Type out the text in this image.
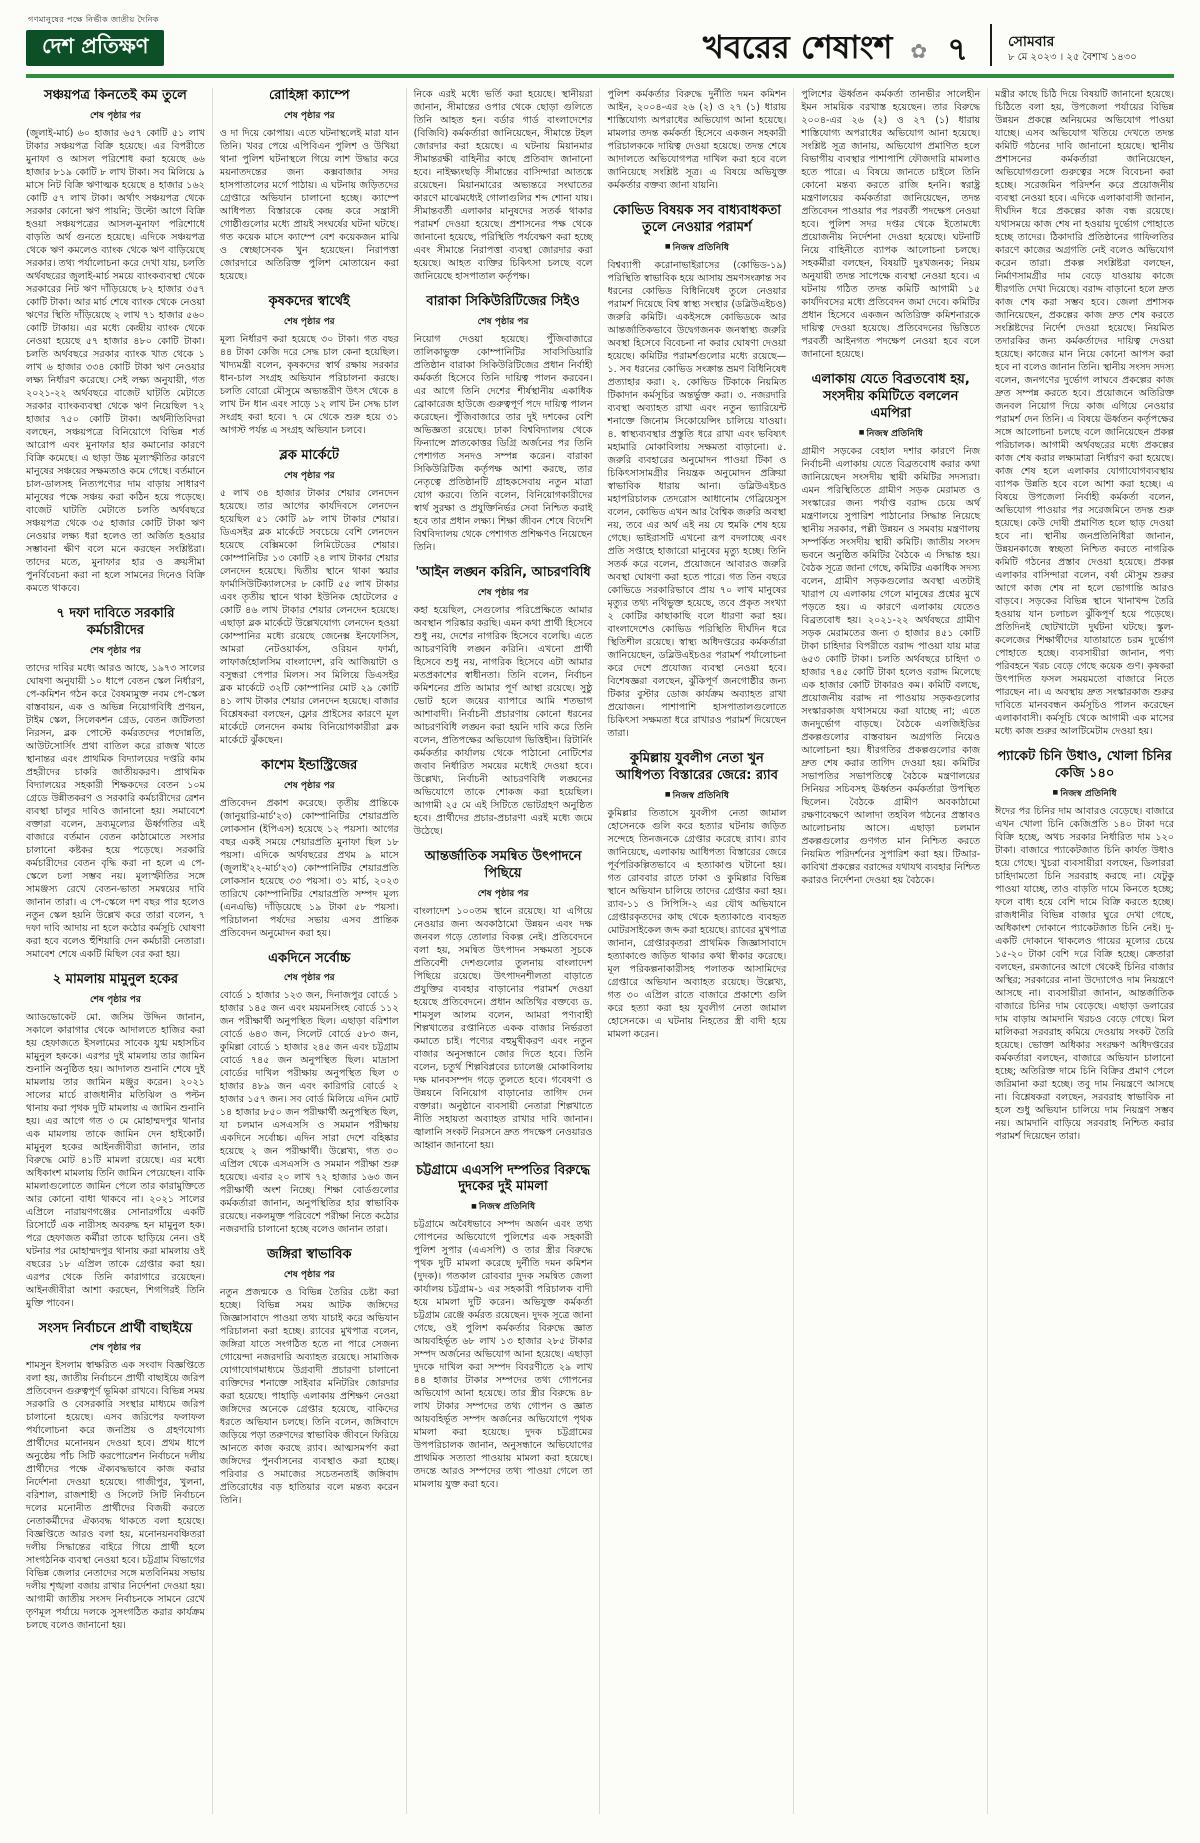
গণমানুষের পক্ষে নির্ভীক জাতীয় দৈনিক
দেশ প্রতিক্ষণ	খবরের শেষাংশ ✿ ৭	সোমবার
৮ মে ২০২৩ । ২৫ বৈশাখ ১৪৩০
সঞ্চয়পত্র কিনতেই কম তুলে
শেষ পৃষ্ঠার পর
(জুলাই-মার্চ) ৬০ হাজার ৬৫৭ কোটি ৫১ লাখ টাকার সঞ্চয়পত্র বিক্রি হয়েছে। এর বিপরীতে মুনাফা ও আসল পরিশোধ করা হয়েছে ৬৬ হাজার ৮১৯ কোটি ৮ লাখ টাকা। সব মিলিয়ে ৯ মাসে নিট বিক্রি ঋণাত্মক হয়েছে ৪ হাজার ১৬২ কোটি ৫৭ লাখ টাকা। অর্থাৎ সঞ্চয়পত্র থেকে সরকার কোনো ঋণ পায়নি; উল্টো আগে বিক্রি হওয়া সঞ্চয়পত্রের আসল-মুনাফা পরিশোধে বাড়তি অর্থ গুনতে হয়েছে। এদিকে সঞ্চয়পত্র থেকে ঋণ কমলেও ব্যাংক থেকে ঋণ বাড়িয়েছে সরকার। তথ্য পর্যালোচনা করে দেখা যায়, চলতি অর্থবছরের জুলাই-মার্চ সময়ে ব্যাংকব্যবস্থা থেকে সরকারের নিট ঋণ দাঁড়িয়েছে ৮২ হাজার ৩৫৭ কোটি টাকা। আর মার্চ শেষে ব্যাংক থেকে নেওয়া ঋণের স্থিতি দাঁড়িয়েছে ২ লাখ ৭১ হাজার ৫৬০ কোটি টাকায়। এর মধ্যে কেন্দ্রীয় ব্যাংক থেকে নেওয়া হয়েছে ৫৭ হাজার ৪৮০ কোটি টাকা। চলতি অর্থবছরে সরকার ব্যাংক খাত থেকে ১ লাখ ৬ হাজার ৩৩৪ কোটি টাকা ঋণ নেওয়ার লক্ষ্য নির্ধারণ করেছে। সেই লক্ষ্য অনুযায়ী, গত ২০২১-২২ অর্থবছরে বাজেট ঘাটতি মেটাতে সরকার ব্যাংকব্যবস্থা থেকে ঋণ নিয়েছিল ৭২ হাজার ৭৫০ কোটি টাকা। অর্থনীতিবিদরা বলছেন, সঞ্চয়পত্রে বিনিয়োগে বিভিন্ন শর্ত আরোপ এবং মুনাফার হার কমানোর কারণে বিক্রি কমেছে। এ ছাড়া উচ্চ মূল্যস্ফীতির কারণে মানুষের সঞ্চয়ের সক্ষমতাও কমে গেছে। বর্তমানে চাল-ডালসহ নিত্যপণ্যের দাম বাড়ায় সাধারণ মানুষের পক্ষে সঞ্চয় করা কঠিন হয়ে পড়েছে। বাজেট ঘাটতি মেটাতে চলতি অর্থবছরে সঞ্চয়পত্র থেকে ৩৫ হাজার কোটি টাকা ঋণ নেওয়ার লক্ষ্য ধরা হলেও তা অর্জিত হওয়ার সম্ভাবনা ক্ষীণ বলে মনে করছেন সংশ্লিষ্টরা। তাদের মতে, মুনাফার হার ও ক্রয়সীমা পুনর্বিবেচনা করা না হলে সামনের দিনেও বিক্রি কমতে থাকবে।
৭ দফা দাবিতে সরকারি কর্মচারীদের
শেষ পৃষ্ঠার পর
তাদের দাবির মধ্যে আরও আছে, ১৯৭৩ সালের ঘোষণা অনুযায়ী ১০ ধাপে বেতন স্কেল নির্ধারণ, পে-কমিশন গঠন করে বৈষম্যমুক্ত নবম পে-স্কেল বাস্তবায়ন, এক ও অভিন্ন নিয়োগবিধি প্রণয়ন, টাইম স্কেল, সিলেকশন গ্রেড, বেতন জটিলতা নিরসন, ব্লক পোস্টে কর্মরতদের পদোন্নতি, আউটসোর্সিং প্রথা বাতিল করে রাজস্ব খাতে স্থানান্তর এবং প্রাথমিক বিদ্যালয়ের দপ্তরি কাম প্রহরীদের চাকরি জাতীয়করণ। প্রাথমিক বিদ্যালয়ের সহকারী শিক্ষকদের বেতন ১০ম গ্রেডে উন্নীতকরণ ও সরকারি কর্মচারীদের রেশন ব্যবস্থা চালুর দাবিও জানানো হয়। সমাবেশে বক্তারা বলেন, দ্রব্যমূল্যের ঊর্ধ্বগতির এই বাজারে বর্তমান বেতন কাঠামোতে সংসার চালানো কষ্টকর হয়ে পড়েছে। সরকারি কর্মচারীদের বেতন বৃদ্ধি করা না হলে এ পে-স্কেলে চলা সম্ভব নয়। মূল্যস্ফীতির সঙ্গে সামঞ্জস্য রেখে বেতন-ভাতা সমন্বয়ের দাবি জানান তারা। এ পে-স্কেলে দশ বছর পার হলেও নতুন স্কেল হয়নি উল্লেখ করে তারা বলেন, ৭ দফা দাবি আদায় না হলে কঠোর কর্মসূচি ঘোষণা করা হবে বলেও হুঁশিয়ারি দেন কর্মচারী নেতারা। সমাবেশ শেষে একটি মিছিল বের করা হয়।
২ মামলায় মামুনুল হকের
শেষ পৃষ্ঠার পর
অ্যাডভোকেট মো. জসিম উদ্দিন জানান, সকালে কারাগার থেকে আদালতে হাজির করা হয় হেফাজতে ইসলামের সাবেক যুগ্ম মহাসচিব মামুনুল হককে। এরপর দুই মামলায় তার জামিন শুনানি অনুষ্ঠিত হয়। আদালত শুনানি শেষে দুই মামলায় তার জামিন মঞ্জুর করেন। ২০২১ সালের মার্চে রাজধানীর মতিঝিল ও পল্টন থানায় করা পৃথক দুটি মামলায় এ জামিন শুনানি হয়। এর আগে গত ৩ মে মোহাম্মদপুর থানার এক মামলায় তাকে জামিন দেন হাইকোর্ট। মামুনুল হকের আইনজীবীরা জানান, তার বিরুদ্ধে মোট ৪১টি মামলা রয়েছে। এর মধ্যে অধিকাংশ মামলায় তিনি জামিন পেয়েছেন। বাকি মামলাগুলোতে জামিন পেলে তার কারামুক্তিতে আর কোনো বাধা থাকবে না। ২০২১ সালের এপ্রিলে নারায়ণগঞ্জের সোনারগাঁয়ে একটি রিসোর্টে এক নারীসহ অবরুদ্ধ হন মামুনুল হক। পরে হেফাজত কর্মীরা তাকে ছাড়িয়ে নেন। ওই ঘটনার পর মোহাম্মদপুর থানায় করা মামলায় ওই বছরের ১৮ এপ্রিল তাকে গ্রেপ্তার করা হয়। এরপর থেকে তিনি কারাগারে রয়েছেন। আইনজীবীরা আশা করছেন, শিগগিরই তিনি মুক্তি পাবেন।
সংসদ নির্বাচনে প্রার্থী বাছাইয়ে
শেষ পৃষ্ঠার পর
শামসুন ইসলাম স্বাক্ষরিত এক সংবাদ বিজ্ঞপ্তিতে বলা হয়, জাতীয় নির্বাচনে প্রার্থী বাছাইয়ে জরিপ প্রতিবেদন গুরুত্বপূর্ণ ভূমিকা রাখবে। বিভিন্ন সময় সরকারি ও বেসরকারি সংস্থার মাধ্যমে জরিপ চালানো হয়েছে। এসব জরিপের ফলাফল পর্যালোচনা করে জনপ্রিয় ও গ্রহণযোগ্য প্রার্থীদের মনোনয়ন দেওয়া হবে। প্রথম ধাপে অনুষ্ঠেয় পাঁচ সিটি করপোরেশন নির্বাচনে দলীয় প্রার্থীদের পক্ষে ঐক্যবদ্ধভাবে কাজ করার নির্দেশনা দেওয়া হয়েছে। গাজীপুর, খুলনা, বরিশাল, রাজশাহী ও সিলেট সিটি নির্বাচনে দলের মনোনীত প্রার্থীদের বিজয়ী করতে নেতাকর্মীদের ঐক্যবদ্ধ থাকতে বলা হয়েছে। বিজ্ঞপ্তিতে আরও বলা হয়, মনোনয়নবঞ্চিতরা দলীয় সিদ্ধান্তের বাইরে গিয়ে প্রার্থী হলে সাংগঠনিক ব্যবস্থা নেওয়া হবে। চট্টগ্রাম বিভাগের বিভিন্ন জেলার নেতাদের সঙ্গে মতবিনিময় সভায় দলীয় শৃঙ্খলা বজায় রাখার নির্দেশনা দেওয়া হয়। আগামী জাতীয় সংসদ নির্বাচনকে সামনে রেখে তৃণমূল পর্যায়ে দলকে সুসংগঠিত করার কার্যক্রম চলছে বলেও জানানো হয়।
রোহিঙ্গা ক্যাম্পে
শেষ পৃষ্ঠার পর
ও দা দিয়ে কোপায়। এতে ঘটনাস্থলেই মারা যান তিনি। খবর পেয়ে এপিবিএন পুলিশ ও উখিয়া থানা পুলিশ ঘটনাস্থলে গিয়ে লাশ উদ্ধার করে ময়নাতদন্তের জন্য কক্সবাজার সদর হাসপাতালের মর্গে পাঠায়। এ ঘটনায় জড়িতদের গ্রেপ্তারে অভিযান চালানো হচ্ছে। ক্যাম্পে আধিপত্য বিস্তারকে কেন্দ্র করে সন্ত্রাসী গোষ্ঠীগুলোর মধ্যে প্রায়ই সংঘর্ষের ঘটনা ঘটছে। গত কয়েক মাসে ক্যাম্পে বেশ কয়েকজন মাঝি ও স্বেচ্ছাসেবক খুন হয়েছেন। নিরাপত্তা জোরদারে অতিরিক্ত পুলিশ মোতায়েন করা হয়েছে।
কৃষকদের স্বার্থেই
শেষ পৃষ্ঠার পর
মূল্য নির্ধারণ করা হয়েছে ৩০ টাকা। গত বছর ৪৪ টাকা কেজি দরে সেদ্ধ চাল কেনা হয়েছিল। খাদ্যমন্ত্রী বলেন, কৃষকদের স্বার্থ রক্ষায় সরকার ধান-চাল সংগ্রহ অভিযান পরিচালনা করছে। চলতি বোরো মৌসুমে অভ্যন্তরীণ উৎস থেকে ৪ লাখ টন ধান এবং সাড়ে ১২ লাখ টন সেদ্ধ চাল সংগ্রহ করা হবে। ৭ মে থেকে শুরু হয়ে ৩১ আগস্ট পর্যন্ত এ সংগ্রহ অভিযান চলবে।
ব্লক মার্কেটে
শেষ পৃষ্ঠার পর
৫ লাখ ৩৪ হাজার টাকার শেয়ার লেনদেন হয়েছে। তার আগের কার্যদিবসে লেনদেন হয়েছিল ৫১ কোটি ৯৮ লাখ টাকার শেয়ার। ডিএসইর ব্লক মার্কেটে সবচেয়ে বেশি লেনদেন হয়েছে বেক্সিমকো লিমিটেডের শেয়ার। কোম্পানিটির ১৩ কোটি ২৪ লাখ টাকার শেয়ার লেনদেন হয়েছে। দ্বিতীয় স্থানে থাকা স্কয়ার ফার্মাসিউটিক্যালসের ৮ কোটি ৫৫ লাখ টাকার এবং তৃতীয় স্থানে থাকা ইউনিক হোটেলের ৫ কোটি ৪৬ লাখ টাকার শেয়ার লেনদেন হয়েছে। এছাড়া ব্লক মার্কেটে উল্লেখযোগ্য লেনদেন হওয়া কোম্পানির মধ্যে রয়েছে জেনেক্স ইনফোসিস, আমরা নেটওয়ার্কস, ওরিয়ন ফার্মা, লাফার্জহোলসিম বাংলাদেশ, রবি আজিয়াটা ও বসুন্ধরা পেপার মিলস। সব মিলিয়ে ডিএসইর ব্লক মার্কেটে ৩২টি কোম্পানির মোট ২৯ কোটি ৪১ লাখ টাকার শেয়ার লেনদেন হয়েছে। বাজার বিশ্লেষকরা বলছেন, ফ্লোর প্রাইসের কারণে মূল মার্কেটে লেনদেন কমায় বিনিয়োগকারীরা ব্লক মার্কেটে ঝুঁকছেন।
কাশেম ইন্ডাস্ট্রিজের
শেষ পৃষ্ঠার পর
প্রতিবেদন প্রকাশ করেছে। তৃতীয় প্রান্তিকে (জানুয়ারি-মার্চ'২৩) কোম্পানিটির শেয়ারপ্রতি লোকসান (ইপিএস) হয়েছে ১২ পয়সা। আগের বছর একই সময়ে শেয়ারপ্রতি মুনাফা ছিল ১৮ পয়সা। এদিকে অর্থবছরের প্রথম ৯ মাসে (জুলাই'২২-মার্চ'২৩) কোম্পানিটির শেয়ারপ্রতি লোকসান হয়েছে ৩৩ পয়সা। ৩১ মার্চ, ২০২৩ তারিখে কোম্পানিটির শেয়ারপ্রতি সম্পদ মূল্য (এনএভি) দাঁড়িয়েছে ১৯ টাকা ৫৮ পয়সা। পরিচালনা পর্ষদের সভায় এসব প্রান্তিক প্রতিবেদন অনুমোদন করা হয়।
একদিনে সর্বোচ্চ
শেষ পৃষ্ঠার পর
বোর্ডে ১ হাজার ১২৩ জন, দিনাজপুর বোর্ডে ১ হাজার ১৪৫ জন এবং ময়মনসিংহ বোর্ডে ১১২ জন পরীক্ষার্থী অনুপস্থিত ছিল। এছাড়া বরিশাল বোর্ডে ৬৪৩ জন, সিলেট বোর্ডে ৫৮৩ জন, কুমিল্লা বোর্ডে ১ হাজার ২৪৫ জন এবং চট্টগ্রাম বোর্ডে ৭৪৫ জন অনুপস্থিত ছিল। মাদ্রাসা বোর্ডের দাখিল পরীক্ষায় অনুপস্থিত ছিল ৩ হাজার ৪৮৯ জন এবং কারিগরি বোর্ডে ২ হাজার ১৫৭ জন। সব বোর্ড মিলিয়ে এদিন মোট ১৪ হাজার ৮৫০ জন পরীক্ষার্থী অনুপস্থিত ছিল, যা চলমান এসএসসি ও সমমান পরীক্ষায় একদিনে সর্বোচ্চ। এদিন সারা দেশে বহিষ্কার হয়েছে ২ জন পরীক্ষার্থী। উল্লেখ্য, গত ৩০ এপ্রিল থেকে এসএসসি ও সমমান পরীক্ষা শুরু হয়েছে। এবার ২০ লাখ ৭২ হাজার ১৬৩ জন পরীক্ষার্থী অংশ নিচ্ছে। শিক্ষা বোর্ডগুলোর কর্মকর্তারা জানান, অনুপস্থিতির হার স্বাভাবিক রয়েছে। নকলমুক্ত পরিবেশে পরীক্ষা নিতে কঠোর নজরদারি চালানো হচ্ছে বলেও জানান তারা।
জঙ্গিরা স্বাভাবিক
শেষ পৃষ্ঠার পর
নতুন প্রজন্মকে ও বিভিন্ন তৈরির চেষ্টা করা হচ্ছে। বিভিন্ন সময় আটক জঙ্গিদের জিজ্ঞাসাবাদে পাওয়া তথ্য যাচাই করে অভিযান পরিচালনা করা হচ্ছে। র‍্যাবের মুখপাত্র বলেন, জঙ্গিরা যাতে সংগঠিত হতে না পারে সেজন্য গোয়েন্দা নজরদারি অব্যাহত রয়েছে। সামাজিক যোগাযোগমাধ্যমে উগ্রবাদী প্রচারণা চালানো ব্যক্তিদের শনাক্তে সাইবার মনিটরিং জোরদার করা হয়েছে। পাহাড়ি এলাকায় প্রশিক্ষণ নেওয়া জঙ্গিদের অনেকে গ্রেপ্তার হয়েছে, বাকিদের ধরতে অভিযান চলছে। তিনি বলেন, জঙ্গিবাদে জড়িয়ে পড়া তরুণদের স্বাভাবিক জীবনে ফিরিয়ে আনতে কাজ করছে র‍্যাব। আত্মসমর্পণ করা জঙ্গিদের পুনর্বাসনের ব্যবস্থাও করা হচ্ছে। পরিবার ও সমাজের সচেতনতাই জঙ্গিবাদ প্রতিরোধের বড় হাতিয়ার বলে মন্তব্য করেন তিনি।
নিকে এরই মধ্যে ভর্তি করা হয়েছে। স্থানীয়রা জানান, সীমান্তের ওপার থেকে ছোড়া গুলিতে তিনি আহত হন। বর্ডার গার্ড বাংলাদেশের (বিজিবি) কর্মকর্তারা জানিয়েছেন, সীমান্তে টহল জোরদার করা হয়েছে। এ ঘটনায় মিয়ানমার সীমান্তরক্ষী বাহিনীর কাছে প্রতিবাদ জানানো হবে। নাইক্ষ্যংছড়ি সীমান্তের বাসিন্দারা আতঙ্কে রয়েছেন। মিয়ানমারের অভ্যন্তরে সংঘাতের কারণে মাঝেমধ্যেই গোলাগুলির শব্দ শোনা যায়। সীমান্তবর্তী এলাকার মানুষদের সতর্ক থাকার পরামর্শ দেওয়া হয়েছে। প্রশাসনের পক্ষ থেকে জানানো হয়েছে, পরিস্থিতি পর্যবেক্ষণ করা হচ্ছে এবং সীমান্তে নিরাপত্তা ব্যবস্থা জোরদার করা হয়েছে। আহত ব্যক্তির চিকিৎসা চলছে বলে জানিয়েছে হাসপাতাল কর্তৃপক্ষ।
বারাকা সিকিউরিটিজের সিইও
শেষ পৃষ্ঠার পর
নিয়োগ দেওয়া হয়েছে। পুঁজিবাজারে তালিকাভুক্ত কোম্পানিটির সাবসিডিয়ারি প্রতিষ্ঠান বারাকা সিকিউরিটিজের প্রধান নির্বাহী কর্মকর্তা হিসেবে তিনি দায়িত্ব পালন করবেন। এর আগে তিনি দেশের শীর্ষস্থানীয় একাধিক ব্রোকারেজ হাউজে গুরুত্বপূর্ণ পদে দায়িত্ব পালন করেছেন। পুঁজিবাজারে তার দুই দশকের বেশি অভিজ্ঞতা রয়েছে। ঢাকা বিশ্ববিদ্যালয় থেকে ফিন্যান্সে স্নাতকোত্তর ডিগ্রি অর্জনের পর তিনি পেশাগত সনদও সম্পন্ন করেন। বারাকা সিকিউরিটিজ কর্তৃপক্ষ আশা করছে, তার নেতৃত্বে প্রতিষ্ঠানটি গ্রাহকসেবায় নতুন মাত্রা যোগ করবে। তিনি বলেন, বিনিয়োগকারীদের স্বার্থ সুরক্ষা ও প্রযুক্তিনির্ভর সেবা নিশ্চিত করাই হবে তার প্রধান লক্ষ্য। শিক্ষা জীবন শেষে বিদেশি বিশ্ববিদ্যালয় থেকে পেশাগত প্রশিক্ষণও নিয়েছেন তিনি।
'আইন লঙ্ঘন করিনি, আচরণবিধি
শেষ পৃষ্ঠার পর
কহা হয়েছিল, সেগুলোর পরিপ্রেক্ষিতে আমার অবস্থান পরিষ্কার করছি। এমন কথা প্রার্থী হিসেবে শুধু নয়, দেশের নাগরিক হিসেবে বলেছি। এতে আচরণবিধি লঙ্ঘন করিনি। এখনো প্রার্থী হিসেবে শুধু নয়, নাগরিক হিসেবে এটা আমার মতপ্রকাশের স্বাধীনতা। তিনি বলেন, নির্বাচন কমিশনের প্রতি আমার পূর্ণ আস্থা রয়েছে। সুষ্ঠু ভোট হলে জয়ের ব্যাপারে আমি শতভাগ আশাবাদী। নির্বাচনী প্রচারণায় কোনো ধরনের আচরণবিধি লঙ্ঘন করা হয়নি দাবি করে তিনি বলেন, প্রতিপক্ষের অভিযোগ ভিত্তিহীন। রিটার্নিং কর্মকর্তার কার্যালয় থেকে পাঠানো নোটিশের জবাব নির্ধারিত সময়ের মধ্যেই দেওয়া হবে। উল্লেখ্য, নির্বাচনী আচরণবিধি লঙ্ঘনের অভিযোগে তাকে শোকজ করা হয়েছিল। আগামী ২৫ মে এই সিটিতে ভোটগ্রহণ অনুষ্ঠিত হবে। প্রার্থীদের প্রচার-প্রচারণা এরই মধ্যে জমে উঠেছে।
আন্তর্জাতিক সমন্বিত উৎপাদনে পিছিয়ে
শেষ পৃষ্ঠার পর
বাংলাদেশ ১০০তম স্থানে রয়েছে। যা এগিয়ে নেওয়ার জন্য অবকাঠামো উন্নয়ন এবং দক্ষ জনবল গড়ে তোলার বিকল্প নেই। প্রতিবেদনে বলা হয়, সমন্বিত উৎপাদন সক্ষমতা সূচকে প্রতিবেশী দেশগুলোর তুলনায় বাংলাদেশ পিছিয়ে রয়েছে। উৎপাদনশীলতা বাড়াতে প্রযুক্তির ব্যবহার বাড়ানোর পরামর্শ দেওয়া হয়েছে প্রতিবেদনে। প্রধান অতিথির বক্তব্যে ড. শামসুল আলম বলেন, আমরা পণ্যবাহী শিল্পখাতের রপ্তানিতে একক বাজার নির্ভরতা কমাতে চাই। পণ্যের বহুমুখীকরণ এবং নতুন বাজার অনুসন্ধানে জোর দিতে হবে। তিনি বলেন, চতুর্থ শিল্পবিপ্লবের চ্যালেঞ্জ মোকাবিলায় দক্ষ মানবসম্পদ গড়ে তুলতে হবে। গবেষণা ও উন্নয়নে বিনিয়োগ বাড়ানোর তাগিদ দেন বক্তারা। অনুষ্ঠানে ব্যবসায়ী নেতারা শিল্পখাতে নীতি সহায়তা অব্যাহত রাখার দাবি জানান। জ্বালানি সংকট নিরসনে দ্রুত পদক্ষেপ নেওয়ারও আহ্বান জানানো হয়।
চট্টগ্রামে এএসপি দম্পতির বিরুদ্ধে দুদকের দুই মামলা
■ নিজস্ব প্রতিনিধি
চট্টগ্রামে অবৈধভাবে সম্পদ অর্জন এবং তথ্য গোপনের অভিযোগে পুলিশের এক সহকারী পুলিশ সুপার (এএসপি) ও তার স্ত্রীর বিরুদ্ধে পৃথক দুটি মামলা করেছে দুর্নীতি দমন কমিশন (দুদক)। গতকাল রোববার দুদক সমন্বিত জেলা কার্যালয় চট্টগ্রাম-১ এর সহকারী পরিচালক বাদী হয়ে মামলা দুটি করেন। অভিযুক্ত কর্মকর্তা চট্টগ্রাম রেঞ্জে কর্মরত রয়েছেন। দুদক সূত্রে জানা গেছে, ওই পুলিশ কর্মকর্তার বিরুদ্ধে জ্ঞাত আয়বহির্ভূত ৬৮ লাখ ১৩ হাজার ২৮৫ টাকার সম্পদ অর্জনের অভিযোগ আনা হয়েছে। এছাড়া দুদকে দাখিল করা সম্পদ বিবরণীতে ২৯ লাখ ৪৪ হাজার টাকার সম্পদের তথ্য গোপনের অভিযোগ আনা হয়েছে। তার স্ত্রীর বিরুদ্ধে ৪৮ লাখ টাকার সম্পদের তথ্য গোপন ও জ্ঞাত আয়বহির্ভূত সম্পদ অর্জনের অভিযোগে পৃথক মামলা করা হয়েছে। দুদক চট্টগ্রামের উপপরিচালক জানান, অনুসন্ধানে অভিযোগের প্রাথমিক সত্যতা পাওয়ায় মামলা করা হয়েছে। তদন্তে আরও সম্পদের তথ্য পাওয়া গেলে তা মামলায় যুক্ত করা হবে।
পুলিশ কর্মকর্তার বিরুদ্ধে দুর্নীতি দমন কমিশন আইন, ২০০৪-এর ২৬ (২) ও ২৭ (১) ধারায় শাস্তিযোগ্য অপরাধের অভিযোগ আনা হয়েছে। মামলার তদন্ত কর্মকর্তা হিসেবে একজন সহকারী পরিচালককে দায়িত্ব দেওয়া হয়েছে। তদন্ত শেষে আদালতে অভিযোগপত্র দাখিল করা হবে বলে জানিয়েছে সংশ্লিষ্ট সূত্র। এ বিষয়ে অভিযুক্ত কর্মকর্তার বক্তব্য জানা যায়নি।
কোভিড বিষয়ক সব বাধ্যবাধকতা তুলে নেওয়ার পরামর্শ
■ নিজস্ব প্রতিনিধি
বিশ্বব্যাপী করোনাভাইরাসের (কোভিড-১৯) পরিস্থিতি স্বাভাবিক হয়ে আসায় ভ্রমণসংক্রান্ত সব ধরনের কোভিড বিধিনিষেধ তুলে নেওয়ার পরামর্শ দিয়েছে বিশ্ব স্বাস্থ্য সংস্থার (ডব্লিউএইচও) জরুরি কমিটি। একইসঙ্গে কোভিডকে আর আন্তর্জাতিকভাবে উদ্বেগজনক জনস্বাস্থ্য জরুরি অবস্থা হিসেবে বিবেচনা না করার ঘোষণা দেওয়া হয়েছে। কমিটির পরামর্শগুলোর মধ্যে রয়েছে— ১. সব ধরনের কোভিড সংক্রান্ত ভ্রমণ বিধিনিষেধ প্রত্যাহার করা। ২. কোভিড টিকাকে নিয়মিত টিকাদান কর্মসূচির অন্তর্ভুক্ত করা। ৩. নজরদারি ব্যবস্থা অব্যাহত রাখা এবং নতুন ভ্যারিয়েন্ট শনাক্তে জিনোম সিকোয়েন্সিং চালিয়ে যাওয়া। ৪. স্বাস্থ্যব্যবস্থার প্রস্তুতি ধরে রাখা এবং ভবিষ্যৎ মহামারি মোকাবিলায় সক্ষমতা বাড়ানো। ৫. জরুরি ব্যবহারের অনুমোদন পাওয়া টিকা ও চিকিৎসাসামগ্রীর নিয়ন্ত্রক অনুমোদন প্রক্রিয়া স্বাভাবিক ধারায় আনা। ডব্লিউএইচও মহাপরিচালক তেদরোস আধানোম গেব্রিয়েসুস বলেন, কোভিড এখন আর বৈশ্বিক জরুরি অবস্থা নয়, তবে এর অর্থ এই নয় যে হুমকি শেষ হয়ে গেছে। ভাইরাসটি এখনো রূপ বদলাচ্ছে এবং প্রতি সপ্তাহে হাজারো মানুষের মৃত্যু হচ্ছে। তিনি সতর্ক করে বলেন, প্রয়োজনে আবারও জরুরি অবস্থা ঘোষণা করা হতে পারে। গত তিন বছরে কোভিডে সরকারিভাবে প্রায় ৭০ লাখ মানুষের মৃত্যুর তথ্য নথিভুক্ত হয়েছে, তবে প্রকৃত সংখ্যা ২ কোটির কাছাকাছি বলে ধারণা করা হয়। বাংলাদেশেও কোভিড পরিস্থিতি দীর্ঘদিন ধরে স্থিতিশীল রয়েছে। স্বাস্থ্য অধিদপ্তরের কর্মকর্তারা জানিয়েছেন, ডব্লিউএইচওর পরামর্শ পর্যালোচনা করে দেশে প্রযোজ্য ব্যবস্থা নেওয়া হবে। বিশেষজ্ঞরা বলছেন, ঝুঁকিপূর্ণ জনগোষ্ঠীর জন্য টিকার বুস্টার ডোজ কার্যক্রম অব্যাহত রাখা প্রয়োজন। পাশাপাশি হাসপাতালগুলোতে চিকিৎসা সক্ষমতা ধরে রাখারও পরামর্শ দিয়েছেন তারা।
কুমিল্লায় যুবলীগ নেতা খুন আধিপত্য বিস্তারের জেরে: র‍্যাব
■ নিজস্ব প্রতিনিধি
কুমিল্লার তিতাসে যুবলীগ নেতা জামাল হোসেনকে গুলি করে হত্যার ঘটনায় জড়িত সন্দেহে তিনজনকে গ্রেপ্তার করেছে র‍্যাব। র‍্যাব জানিয়েছে, এলাকায় আধিপত্য বিস্তারের জেরে পূর্বপরিকল্পিতভাবে এ হত্যাকাণ্ড ঘটানো হয়। গত রোববার রাতে ঢাকা ও কুমিল্লার বিভিন্ন স্থানে অভিযান চালিয়ে তাদের গ্রেপ্তার করা হয়। র‍্যাব-১১ ও সিপিসি-২ এর যৌথ অভিযানে গ্রেপ্তারকৃতদের কাছ থেকে হত্যাকাণ্ডে ব্যবহৃত মোটরসাইকেল জব্দ করা হয়েছে। র‍্যাবের মুখপাত্র জানান, গ্রেপ্তারকৃতরা প্রাথমিক জিজ্ঞাসাবাদে হত্যাকাণ্ডে জড়িত থাকার কথা স্বীকার করেছে। মূল পরিকল্পনাকারীসহ পলাতক আসামিদের গ্রেপ্তারে অভিযান অব্যাহত রয়েছে। উল্লেখ্য, গত ৩০ এপ্রিল রাতে বাজারে প্রকাশ্যে গুলি করে হত্যা করা হয় যুবলীগ নেতা জামাল হোসেনকে। এ ঘটনায় নিহতের স্ত্রী বাদী হয়ে মামলা করেন।
পুলিশের ঊর্ধ্বতন কর্মকর্তা তানভীর সালেহীন ইমন সাময়িক বরখাস্ত হয়েছেন। তার বিরুদ্ধে ২০০৪-এর ২৬ (২) ও ২৭ (১) ধারায় শাস্তিযোগ্য অপরাধের অভিযোগ আনা হয়েছে। সংশ্লিষ্ট সূত্র জানায়, অভিযোগ প্রমাণিত হলে বিভাগীয় ব্যবস্থার পাশাপাশি ফৌজদারি মামলাও হতে পারে। এ বিষয়ে জানতে চাইলে তিনি কোনো মন্তব্য করতে রাজি হননি। স্বরাষ্ট্র মন্ত্রণালয়ের কর্মকর্তারা জানিয়েছেন, তদন্ত প্রতিবেদন পাওয়ার পর পরবর্তী পদক্ষেপ নেওয়া হবে। পুলিশ সদর দপ্তর থেকে ইতোমধ্যে প্রয়োজনীয় নির্দেশনা দেওয়া হয়েছে। ঘটনাটি নিয়ে বাহিনীতে ব্যাপক আলোচনা চলছে। সহকর্মীরা বলছেন, বিষয়টি দুঃখজনক; নিয়ম অনুযায়ী তদন্ত সাপেক্ষে ব্যবস্থা নেওয়া হবে। এ ঘটনায় গঠিত তদন্ত কমিটি আগামী ১৫ কার্যদিবসের মধ্যে প্রতিবেদন জমা দেবে। কমিটির প্রধান হিসেবে একজন অতিরিক্ত কমিশনারকে দায়িত্ব দেওয়া হয়েছে। প্রতিবেদনের ভিত্তিতে পরবর্তী আইনগত পদক্ষেপ নেওয়া হবে বলে জানানো হয়েছে।
এলাকায় যেতে বিব্রতবোধ হয়, সংসদীয় কমিটিতে বললেন এমপিরা
■ নিজস্ব প্রতিনিধি
গ্রামীণ সড়কের বেহাল দশার কারণে নিজ নির্বাচনী এলাকায় যেতে বিব্রতবোধ করার কথা জানিয়েছেন সংসদীয় স্থায়ী কমিটির সদস্যরা। এমন পরিস্থিতিতে গ্রামীণ সড়ক মেরামত ও সংস্কারের জন্য পর্যাপ্ত বরাদ্দ চেয়ে অর্থ মন্ত্রণালয়ে সুপারিশ পাঠানোর সিদ্ধান্ত নিয়েছে স্থানীয় সরকার, পল্লী উন্নয়ন ও সমবায় মন্ত্রণালয় সম্পর্কিত সংসদীয় স্থায়ী কমিটি। জাতীয় সংসদ ভবনে অনুষ্ঠিত কমিটির বৈঠকে এ সিদ্ধান্ত হয়। বৈঠক সূত্রে জানা গেছে, কমিটির একাধিক সদস্য বলেন, গ্রামীণ সড়কগুলোর অবস্থা এতটাই খারাপ যে এলাকায় গেলে মানুষের প্রশ্নের মুখে পড়তে হয়। এ কারণে এলাকায় যেতেও বিব্রতবোধ হয়। ২০২১-২২ অর্থবছরে গ্রামীণ সড়ক মেরামতের জন্য ৩ হাজার ৪৫১ কোটি টাকা চাহিদার বিপরীতে বরাদ্দ পাওয়া যায় মাত্র ৬৫৩ কোটি টাকা। চলতি অর্থবছরে চাহিদা ৩ হাজার ৭৪৫ কোটি টাকা হলেও বরাদ্দ মিলেছে এক হাজার কোটি টাকারও কম। কমিটি বলছে, প্রয়োজনীয় বরাদ্দ না পাওয়ায় সড়কগুলোর সংস্কারকাজ যথাসময়ে করা যাচ্ছে না; এতে জনদুর্ভোগ বাড়ছে। বৈঠকে এলজিইডির প্রকল্পগুলোর বাস্তবায়ন অগ্রগতি নিয়েও আলোচনা হয়। ধীরগতির প্রকল্পগুলোর কাজ দ্রুত শেষ করার তাগিদ দেওয়া হয়। কমিটির সভাপতির সভাপতিত্বে বৈঠকে মন্ত্রণালয়ের সিনিয়র সচিবসহ ঊর্ধ্বতন কর্মকর্তারা উপস্থিত ছিলেন। বৈঠকে গ্রামীণ অবকাঠামো রক্ষণাবেক্ষণে আলাদা তহবিল গঠনের প্রস্তাবও আলোচনায় আসে। এছাড়া চলমান প্রকল্পগুলোর গুণগত মান নিশ্চিত করতে নিয়মিত পরিদর্শনের সুপারিশ করা হয়। টিআর-কাবিখা প্রকল্পের বরাদ্দের যথাযথ ব্যবহার নিশ্চিত করারও নির্দেশনা দেওয়া হয় বৈঠকে।
মন্ত্রীর কাছে চিঠি দিয়ে বিষয়টি জানানো হয়েছে। চিঠিতে বলা হয়, উপজেলা পর্যায়ের বিভিন্ন উন্নয়ন প্রকল্পে অনিয়মের অভিযোগ পাওয়া যাচ্ছে। এসব অভিযোগ খতিয়ে দেখতে তদন্ত কমিটি গঠনের দাবি জানানো হয়েছে। স্থানীয় প্রশাসনের কর্মকর্তারা জানিয়েছেন, অভিযোগগুলো গুরুত্বের সঙ্গে বিবেচনা করা হচ্ছে। সরেজমিন পরিদর্শন করে প্রয়োজনীয় ব্যবস্থা নেওয়া হবে। এদিকে এলাকাবাসী জানান, দীর্ঘদিন ধরে প্রকল্পের কাজ বন্ধ রয়েছে। যথাসময়ে কাজ শেষ না হওয়ায় দুর্ভোগ পোহাতে হচ্ছে তাদের। ঠিকাদারি প্রতিষ্ঠানের গাফিলতির কারণে কাজের অগ্রগতি নেই বলেও অভিযোগ করেন তারা। প্রকল্প সংশ্লিষ্টরা বলছেন, নির্মাণসামগ্রীর দাম বেড়ে যাওয়ায় কাজে ধীরগতি দেখা দিয়েছে। বরাদ্দ বাড়ানো হলে দ্রুত কাজ শেষ করা সম্ভব হবে। জেলা প্রশাসক জানিয়েছেন, প্রকল্পের কাজ দ্রুত শেষ করতে সংশ্লিষ্টদের নির্দেশ দেওয়া হয়েছে। নিয়মিত তদারকির জন্য কর্মকর্তাদের দায়িত্ব দেওয়া হয়েছে। কাজের মান নিয়ে কোনো আপস করা হবে না বলেও জানান তিনি। স্থানীয় সংসদ সদস্য বলেন, জনগণের দুর্ভোগ লাঘবে প্রকল্পের কাজ দ্রুত সম্পন্ন করতে হবে। প্রয়োজনে অতিরিক্ত জনবল নিয়োগ দিয়ে কাজ এগিয়ে নেওয়ার পরামর্শ দেন তিনি। এ বিষয়ে ঊর্ধ্বতন কর্তৃপক্ষের সঙ্গে আলোচনা চলছে বলে জানিয়েছেন প্রকল্প পরিচালক। আগামী অর্থবছরের মধ্যে প্রকল্পের কাজ শেষ করার লক্ষ্যমাত্রা নির্ধারণ করা হয়েছে। কাজ শেষ হলে এলাকার যোগাযোগব্যবস্থায় ব্যাপক উন্নতি হবে বলে আশা করা হচ্ছে। এ বিষয়ে উপজেলা নির্বাহী কর্মকর্তা বলেন, অভিযোগ পাওয়ার পর সরেজমিনে তদন্ত শুরু হয়েছে। কেউ দোষী প্রমাণিত হলে ছাড় দেওয়া হবে না। স্থানীয় জনপ্রতিনিধিরা জানান, উন্নয়নকাজে স্বচ্ছতা নিশ্চিত করতে নাগরিক কমিটি গঠনের প্রস্তাব দেওয়া হয়েছে। প্রকল্প এলাকার বাসিন্দারা বলেন, বর্ষা মৌসুম শুরুর আগে কাজ শেষ না হলে ভোগান্তি আরও বাড়বে। সড়কের বিভিন্ন স্থানে খানাখন্দ তৈরি হওয়ায় যান চলাচল ঝুঁকিপূর্ণ হয়ে পড়েছে। প্রতিদিনই ছোটখাটো দুর্ঘটনা ঘটছে। স্কুল-কলেজের শিক্ষার্থীদের যাতায়াতে চরম দুর্ভোগ পোহাতে হচ্ছে। ব্যবসায়ীরা জানান, পণ্য পরিবহনে খরচ বেড়ে গেছে কয়েক গুণ। কৃষকরা উৎপাদিত ফসল সময়মতো বাজারে নিতে পারছেন না। এ অবস্থায় দ্রুত সংস্কারকাজ শুরুর দাবিতে মানববন্ধন কর্মসূচিও পালন করেছেন এলাকাবাসী। কর্মসূচি থেকে আগামী এক মাসের মধ্যে কাজ শুরুর আলটিমেটাম দেওয়া হয়।
প্যাকেট চিনি উধাও, খোলা চিনির কেজি ১৪০
■ নিজস্ব প্রতিনিধি
ঈদের পর চিনির দাম আবারও বেড়েছে। বাজারে এখন খোলা চিনি কেজিপ্রতি ১৪০ টাকা দরে বিক্রি হচ্ছে, অথচ সরকার নির্ধারিত দাম ১২০ টাকা। বাজারে প্যাকেটজাত চিনি কার্যত উধাও হয়ে গেছে। খুচরা ব্যবসায়ীরা বলছেন, ডিলাররা চাহিদামতো চিনি সরবরাহ করছে না। যেটুকু পাওয়া যাচ্ছে, তাও বাড়তি দামে কিনতে হচ্ছে; ফলে বাধ্য হয়ে বেশি দামে বিক্রি করতে হচ্ছে। রাজধানীর বিভিন্ন বাজার ঘুরে দেখা গেছে, অধিকাংশ দোকানে প্যাকেটজাত চিনি নেই। দু-একটি দোকানে থাকলেও গায়ের মূল্যের চেয়ে ১৫-২০ টাকা বেশি দরে বিক্রি হচ্ছে। ক্রেতারা বলছেন, রমজানের আগে থেকেই চিনির বাজার অস্থির; সরকারের নানা উদ্যোগেও দাম নিয়ন্ত্রণে আসছে না। ব্যবসায়ীরা জানান, আন্তর্জাতিক বাজারে চিনির দাম বেড়েছে। এছাড়া ডলারের দাম বাড়ায় আমদানি খরচও বেড়ে গেছে। মিল মালিকরা সরবরাহ কমিয়ে দেওয়ায় সংকট তৈরি হয়েছে। ভোক্তা অধিকার সংরক্ষণ অধিদপ্তরের কর্মকর্তারা বলছেন, বাজারে অভিযান চালানো হচ্ছে; অতিরিক্ত দামে চিনি বিক্রির প্রমাণ পেলে জরিমানা করা হচ্ছে। তবু দাম নিয়ন্ত্রণে আসছে না। বিশ্লেষকরা বলছেন, সরবরাহ স্বাভাবিক না হলে শুধু অভিযান চালিয়ে দাম নিয়ন্ত্রণ সম্ভব নয়। আমদানি বাড়িয়ে সরবরাহ নিশ্চিত করার পরামর্শ দিয়েছেন তারা।
